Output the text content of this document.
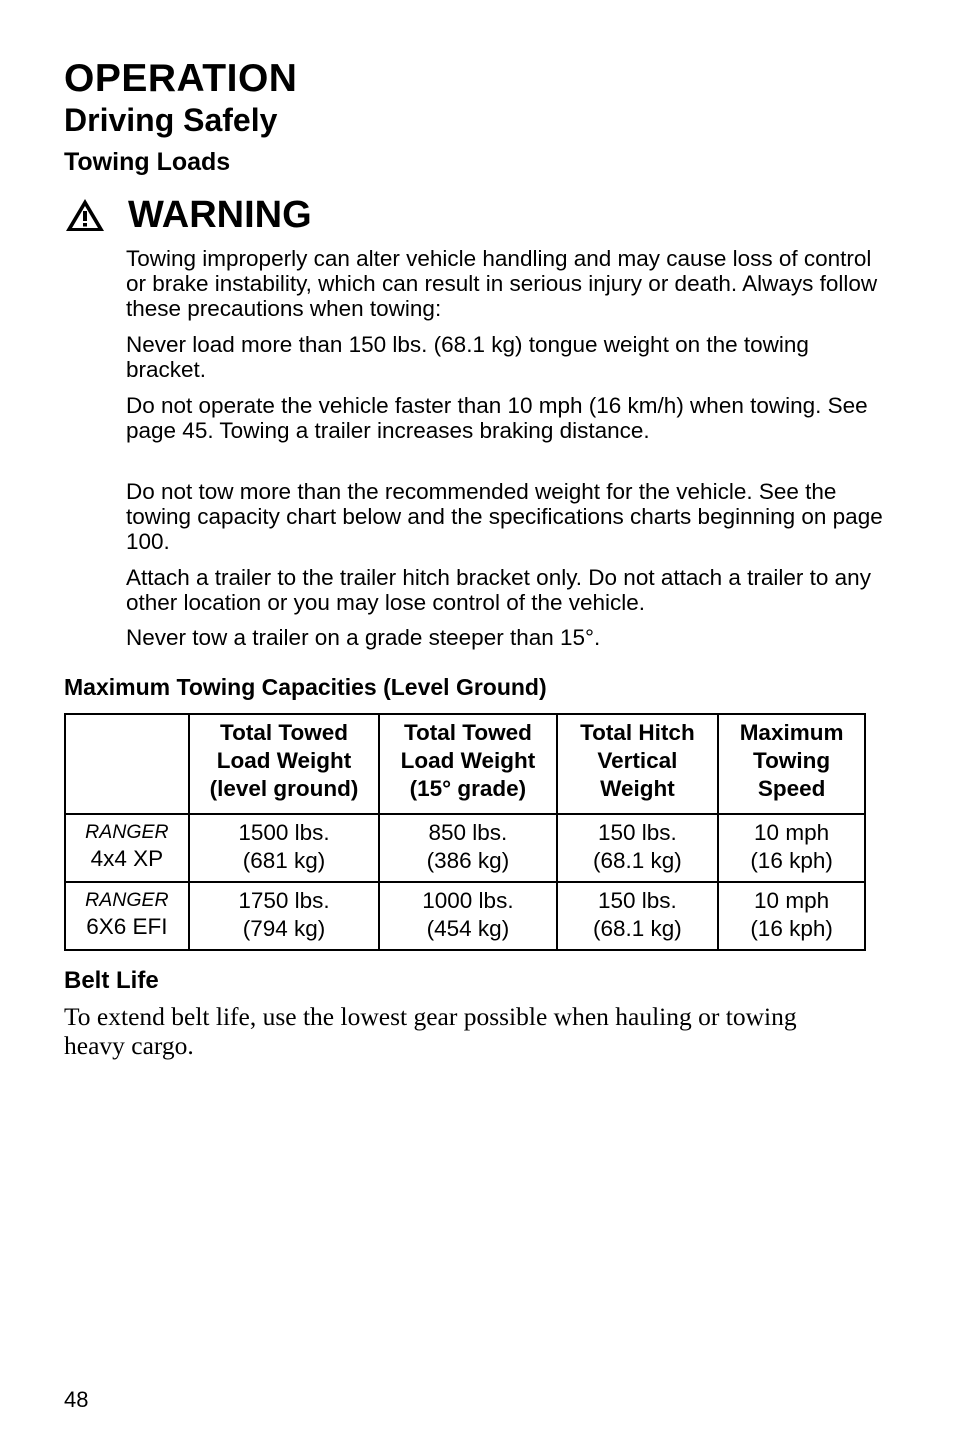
OPERATION
Driving Safely
Towing Loads
WARNING

Towing improperly can alter vehicle handling and may cause loss of control or brake instability, which can result in serious injury or death. Always follow these precautions when towing:

Never load more than 150 lbs. (68.1 kg) tongue weight on the towing bracket.

Do not operate the vehicle faster than 10 mph (16 km/h) when towing. See page 45. Towing a trailer increases braking distance.

Do not tow more than the recommended weight for the vehicle. See the towing capacity chart below and the specifications charts beginning on page 100.

Attach a trailer to the trailer hitch bracket only. Do not attach a trailer to any other location or you may lose control of the vehicle.

Never tow a trailer on a grade steeper than 15°.

Maximum Towing Capacities (Level Ground)

	Total Towed
Load Weight
(level ground)	Total Towed
Load Weight
(15° grade)	Total Hitch
Vertical
Weight	Maximum
Towing
Speed

RANGER
4x4 XP	1500 lbs.
(681 kg)	850 lbs.
(386 kg)	150 lbs.
(68.1 kg)	10 mph
(16 kph)

RANGER
6X6 EFI	1750 lbs.
(794 kg)	1000 lbs.
(454 kg)	150 lbs.
(68.1 kg)	10 mph
(16 kph)
Belt Life

To extend belt life, use the lowest gear possible when hauling or towing heavy cargo.

48
